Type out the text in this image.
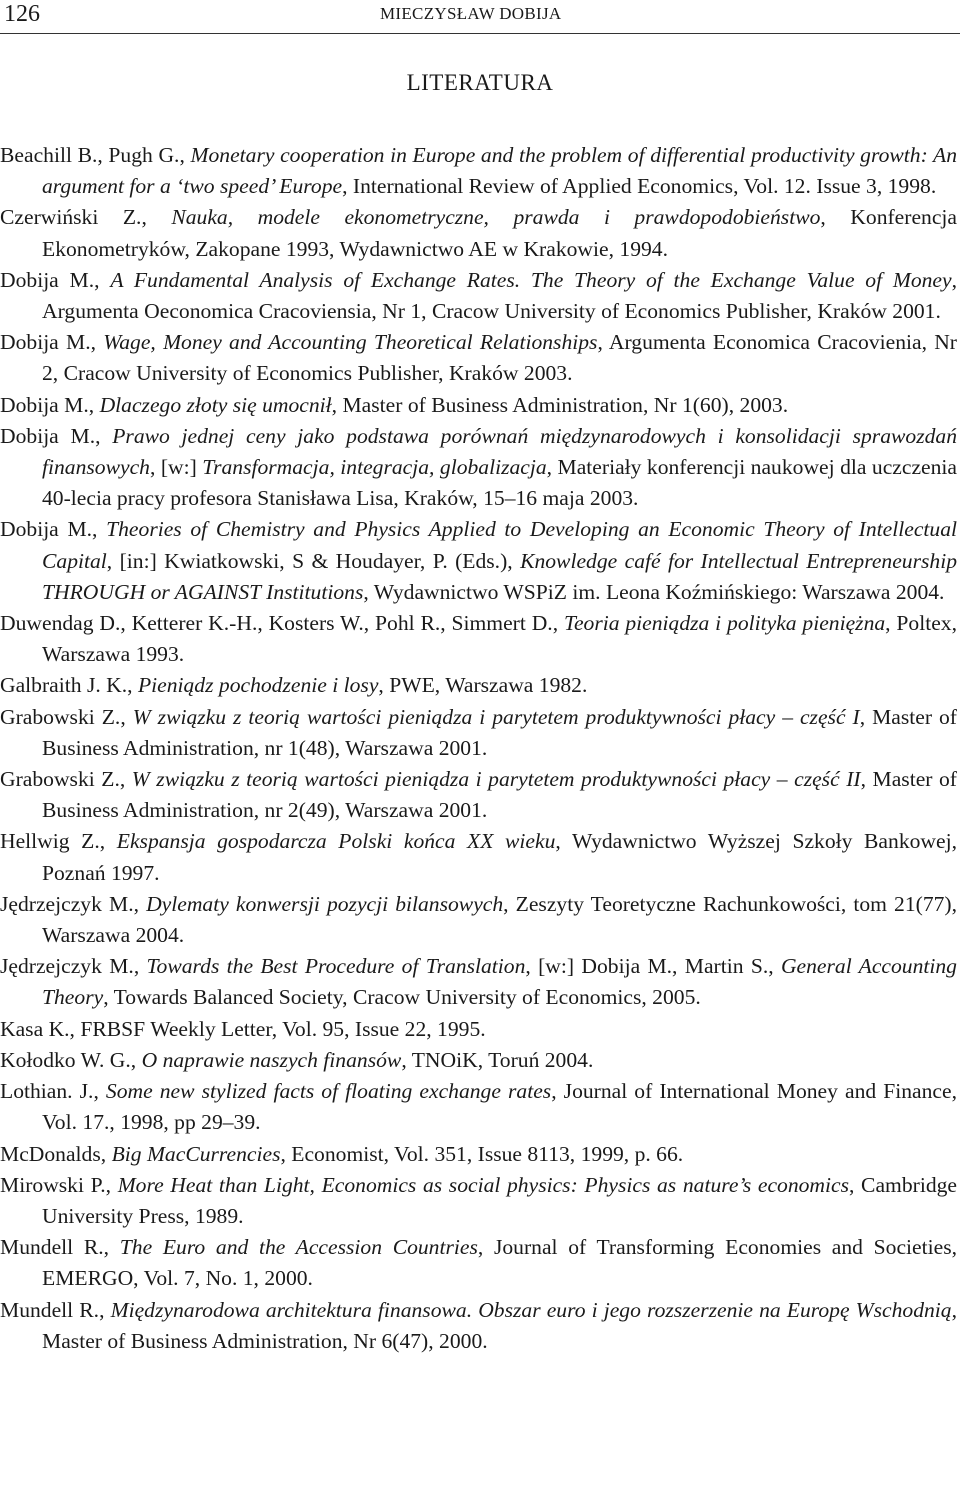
126	MIECZYSŁAW DOBIJA
LITERATURA
Beachill B., Pugh G., Monetary cooperation in Europe and the problem of differential productivity growth: An argument for a ‘two speed’ Europe, International Review of Applied Economics, Vol. 12. Issue 3, 1998.
Czerwiński Z., Nauka, modele ekonometryczne, prawda i prawdopodobieństwo, Konferencja Ekonometryków, Zakopane 1993, Wydawnictwo AE w Krakowie, 1994.
Dobija M., A Fundamental Analysis of Exchange Rates. The Theory of the Exchange Value of Money, Argumenta Oeconomica Cracoviensia, Nr 1, Cracow University of Economics Publisher, Kraków 2001.
Dobija M., Wage, Money and Accounting Theoretical Relationships, Argumenta Economica Cracovienia, Nr 2, Cracow University of Economics Publisher, Kraków 2003.
Dobija M., Dlaczego złoty się umocnił, Master of Business Administration, Nr 1(60), 2003.
Dobija M., Prawo jednej ceny jako podstawa porównań międzynarodowych i konsolidacji sprawozdań finansowych, [w:] Transformacja, integracja, globalizacja, Materiały konferencji naukowej dla uczczenia 40-lecia pracy profesora Stanisława Lisa, Kraków, 15–16 maja 2003.
Dobija M., Theories of Chemistry and Physics Applied to Developing an Economic Theory of Intellectual Capital, [in:] Kwiatkowski, S & Houdayer, P. (Eds.), Knowledge café for Intellectual Entrepreneurship THROUGH or AGAINST Institutions, Wydawnictwo WSPiZ im. Leona Koźmińskiego: Warszawa 2004.
Duwendag D., Ketterer K.-H., Kosters W., Pohl R., Simmert D., Teoria pieniądza i polityka pieniężna, Poltex, Warszawa 1993.
Galbraith J. K., Pieniądz pochodzenie i losy, PWE, Warszawa 1982.
Grabowski Z., W związku z teorią wartości pieniądza i parytetem produktywności płacy – część I, Master of Business Administration, nr 1(48), Warszawa 2001.
Grabowski Z., W związku z teorią wartości pieniądza i parytetem produktywności płacy – część II, Master of Business Administration, nr 2(49), Warszawa 2001.
Hellwig Z., Ekspansja gospodarcza Polski końca XX wieku, Wydawnictwo Wyższej Szkoły Bankowej, Poznań 1997.
Jędrzejczyk M., Dylematy konwersji pozycji bilansowych, Zeszyty Teoretyczne Rachunkowości, tom 21(77), Warszawa 2004.
Jędrzejczyk M., Towards the Best Procedure of Translation, [w:] Dobija M., Martin S., General Accounting Theory, Towards Balanced Society, Cracow University of Economics, 2005.
Kasa K., FRBSF Weekly Letter, Vol. 95, Issue 22, 1995.
Kołodko W. G., O naprawie naszych finansów, TNOiK, Toruń 2004.
Lothian. J., Some new stylized facts of floating exchange rates, Journal of International Money and Finance, Vol. 17., 1998, pp 29–39.
McDonalds, Big MacCurrencies, Economist, Vol. 351, Issue 8113, 1999, p. 66.
Mirowski P., More Heat than Light, Economics as social physics: Physics as nature’s economics, Cambridge University Press, 1989.
Mundell R., The Euro and the Accession Countries, Journal of Transforming Economies and Societies, EMERGO, Vol. 7, No. 1, 2000.
Mundell R., Międzynarodowa architektura finansowa. Obszar euro i jego rozszerzenie na Europę Wschodnią, Master of Business Administration, Nr 6(47), 2000.
